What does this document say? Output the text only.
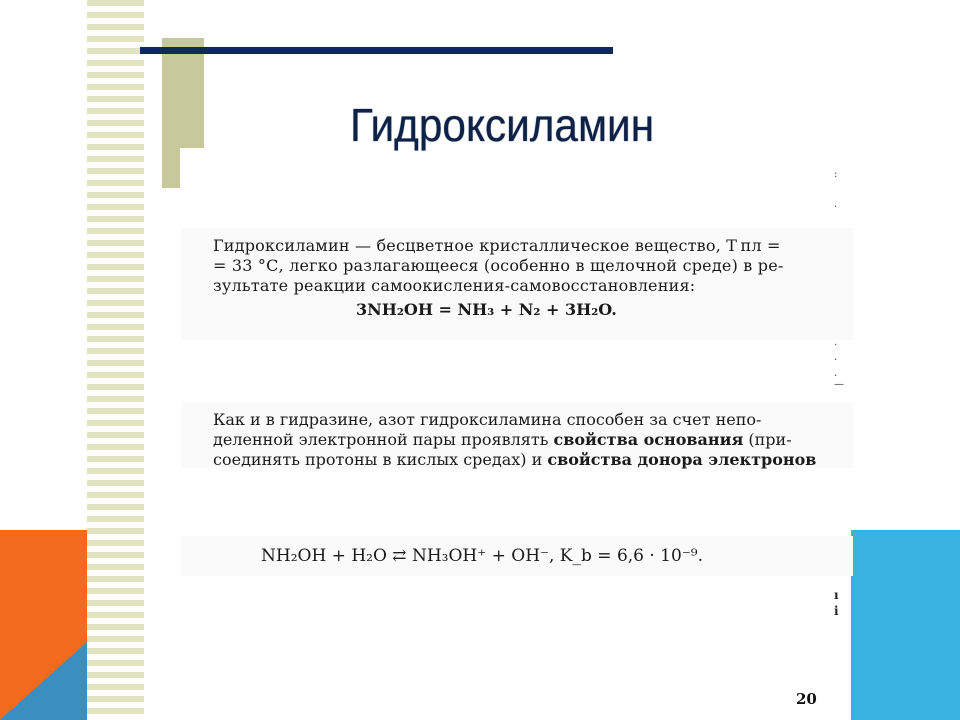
Гидроксиламин
Гидроксиламин — бесцветное кристаллическое вещество, T пл =
= 33 °С, легко разлагающееся (особенно в щелочной среде) в ре-
зультате реакции самоокисления-самовосстановления:
3NH₂OH = NH₃ + N₂ + 3H₂O.
:
.
.
·
·
—
Как и в гидразине, азот гидроксиламина способен за счет непо-
деленной электронной пары проявлять свойства основания (при-
соединять протоны в кислых средах) и свойства донора электронов
NH₂OH + H₂O ⇄ NH₃OH⁺ + OH⁻, K_b = 6,6 · 10⁻⁹.
ı
i
20
